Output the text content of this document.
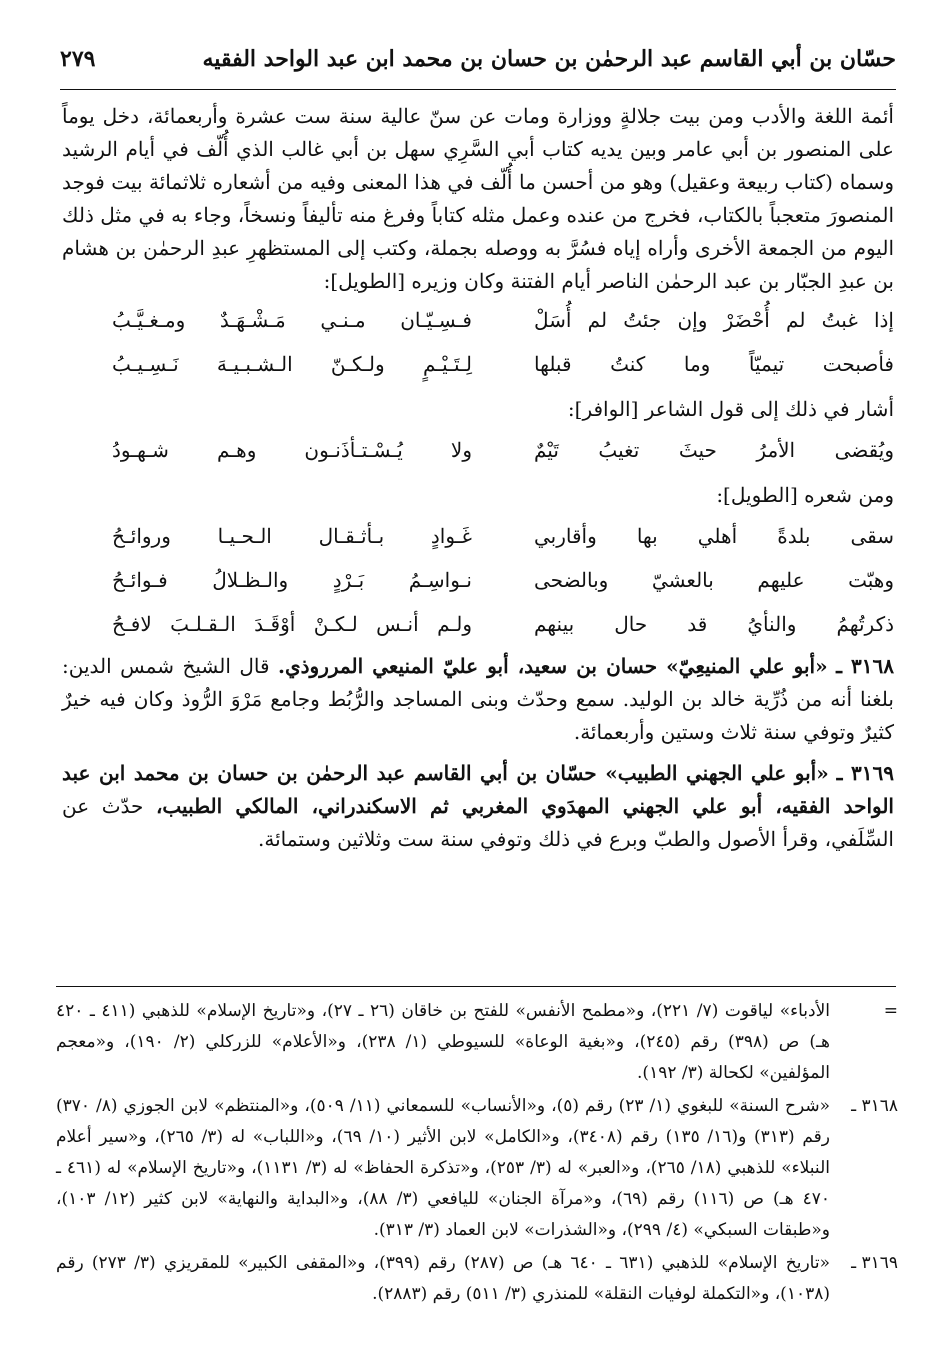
حسّان بن أبي القاسم عبد الرحمٰن بن حسان بن محمد ابن عبد الواحد الفقيه
٢٧٩

أئمة اللغة والأدب ومن بيت جلالةٍ ووزارة ومات عن سنّ عالية سنة ست عشرة وأربعمائة، دخل يوماً على المنصور بن أبي عامر وبين يديه كتاب أبي السَّرِي سهل بن أبي غالب الذي أُلّف في أيام الرشيد وسماه (كتاب ربيعة وعقيل) وهو من أحسن ما أُلّف في هذا المعنى وفيه من أشعاره ثلاثمائة بيت فوجد المنصورَ متعجباً بالكتاب، فخرج من عنده وعمل مثله كتاباً وفرغ منه تأليفاً ونسخاً، وجاء به في مثل ذلك اليوم من الجمعة الأخرى وأراه إياه فسُرَّ به ووصله بجملة، وكتب إلى المستظهرِ عبدِ الرحمٰن بن هشام بن عبدِ الجبّار بن عبد الرحمٰن الناصر أيام الفتنة وكان وزيره [الطويل]:

إذا غبتُ لم أُحْضَرْ وإن جئتُ لم أُسَلْ
فـسِـيّـان مـنـي مَـشْـهَـدٌ ومـغـيَّـبُ
فأصبحت تيميّاً وما كنتُ قبلها
لِـتَـيْـمٍ ولـكـنّ الـشـبـيـهَ نَـسِـيـبُ
أشار في ذلك إلى قول الشاعر [الوافر]:
ويُقضى الأمرُ حيثَ تغيبُ تَيْمٌ
ولا يُـسْـتـأذَنـون وهـم شـهـودُ
ومن شعره [الطويل]:
سقى بلدةً أهلي بها وأقاربي
غَـوادٍ بـأثـقـال الـحـيـا وروائـحُ
وهبّت عليهم بالعشيّ وبالضحى
نـواسِـمُ بَـرْدٍ والـظـلالُ فـوائـحُ
ذكرتُهمُ والنأيُ قد حال بينهم
ولـم أنـس لـكـنْ أوْقَـدَ الـقـلـبَ لافـحُ

٣١٦٨ ـ «أبو علي المنيعِيّ» حسان بن سعيد، أبو عليّ المنيعي المرروذي. قال الشيخ شمس الدين: بلغنا أنه من ذُرِّية خالد بن الوليد. سمع وحدّث وبنى المساجد والرُّبُط وجامع مَرْوَ الرُّوذ وكان فيه خيرٌ كثيرٌ وتوفي سنة ثلاث وستين وأربعمائة.

٣١٦٩ ـ «أبو علي الجهني الطبيب» حسّان بن أبي القاسم عبد الرحمٰن بن حسان بن محمد ابن عبد الواحد الفقيه، أبو علي الجهني المهدَوي المغربي ثم الاسكندراني، المالكي الطبيب، حدّث عن السِّلَفي، وقرأ الأصول والطبّ وبرع في ذلك وتوفي سنة ست وثلاثين وستمائة.

=
الأدباء» لياقوت (٧/ ٢٢١)، و«مطمح الأنفس» للفتح بن خاقان (٢٦ ـ ٢٧)، و«تاريخ الإسلام» للذهبي (٤١١ ـ ٤٢٠ هـ) ص (٣٩٨) رقم (٢٤٥)، و«بغية الوعاة» للسيوطي (١/ ٢٣٨)، و«الأعلام» للزركلي (٢/ ١٩٠)، و«معجم المؤلفين» لكحالة (٣/ ١٩٢).

٣١٦٨ ـ
«شرح السنة» للبغوي (١/ ٢٣) رقم (٥)، و«الأنساب» للسمعاني (١١/ ٥٠٩)، و«المنتظم» لابن الجوزي (٨/ ٣٧٠) رقم (٣١٣) و(١٦/ ١٣٥) رقم (٣٤٠٨)، و«الكامل» لابن الأثير (١٠/ ٦٩)، و«اللباب» له (٣/ ٢٦٥)، و«سير أعلام النبلاء» للذهبي (١٨/ ٢٦٥)، و«العبر» له (٣/ ٢٥٣)، و«تذكرة الحفاظ» له (٣/ ١١٣١)، و«تاريخ الإسلام» له (٤٦١ ـ ٤٧٠ هـ) ص (١١٦) رقم (٦٩)، و«مرآة الجنان» لليافعي (٣/ ٨٨)، و«البداية والنهاية» لابن كثير (١٢/ ١٠٣)، و«طبقات السبكي» (٤/ ٢٩٩)، و«الشذرات» لابن العماد (٣/ ٣١٣).

٣١٦٩ ـ
«تاريخ الإسلام» للذهبي (٦٣١ ـ ٦٤٠ هـ) ص (٢٨٧) رقم (٣٩٩)، و«المقفى الكبير» للمقريزي (٣/ ٢٧٣) رقم (١٠٣٨)، و«التكملة لوفيات النقلة» للمنذري (٣/ ٥١١) رقم (٢٨٨٣).
